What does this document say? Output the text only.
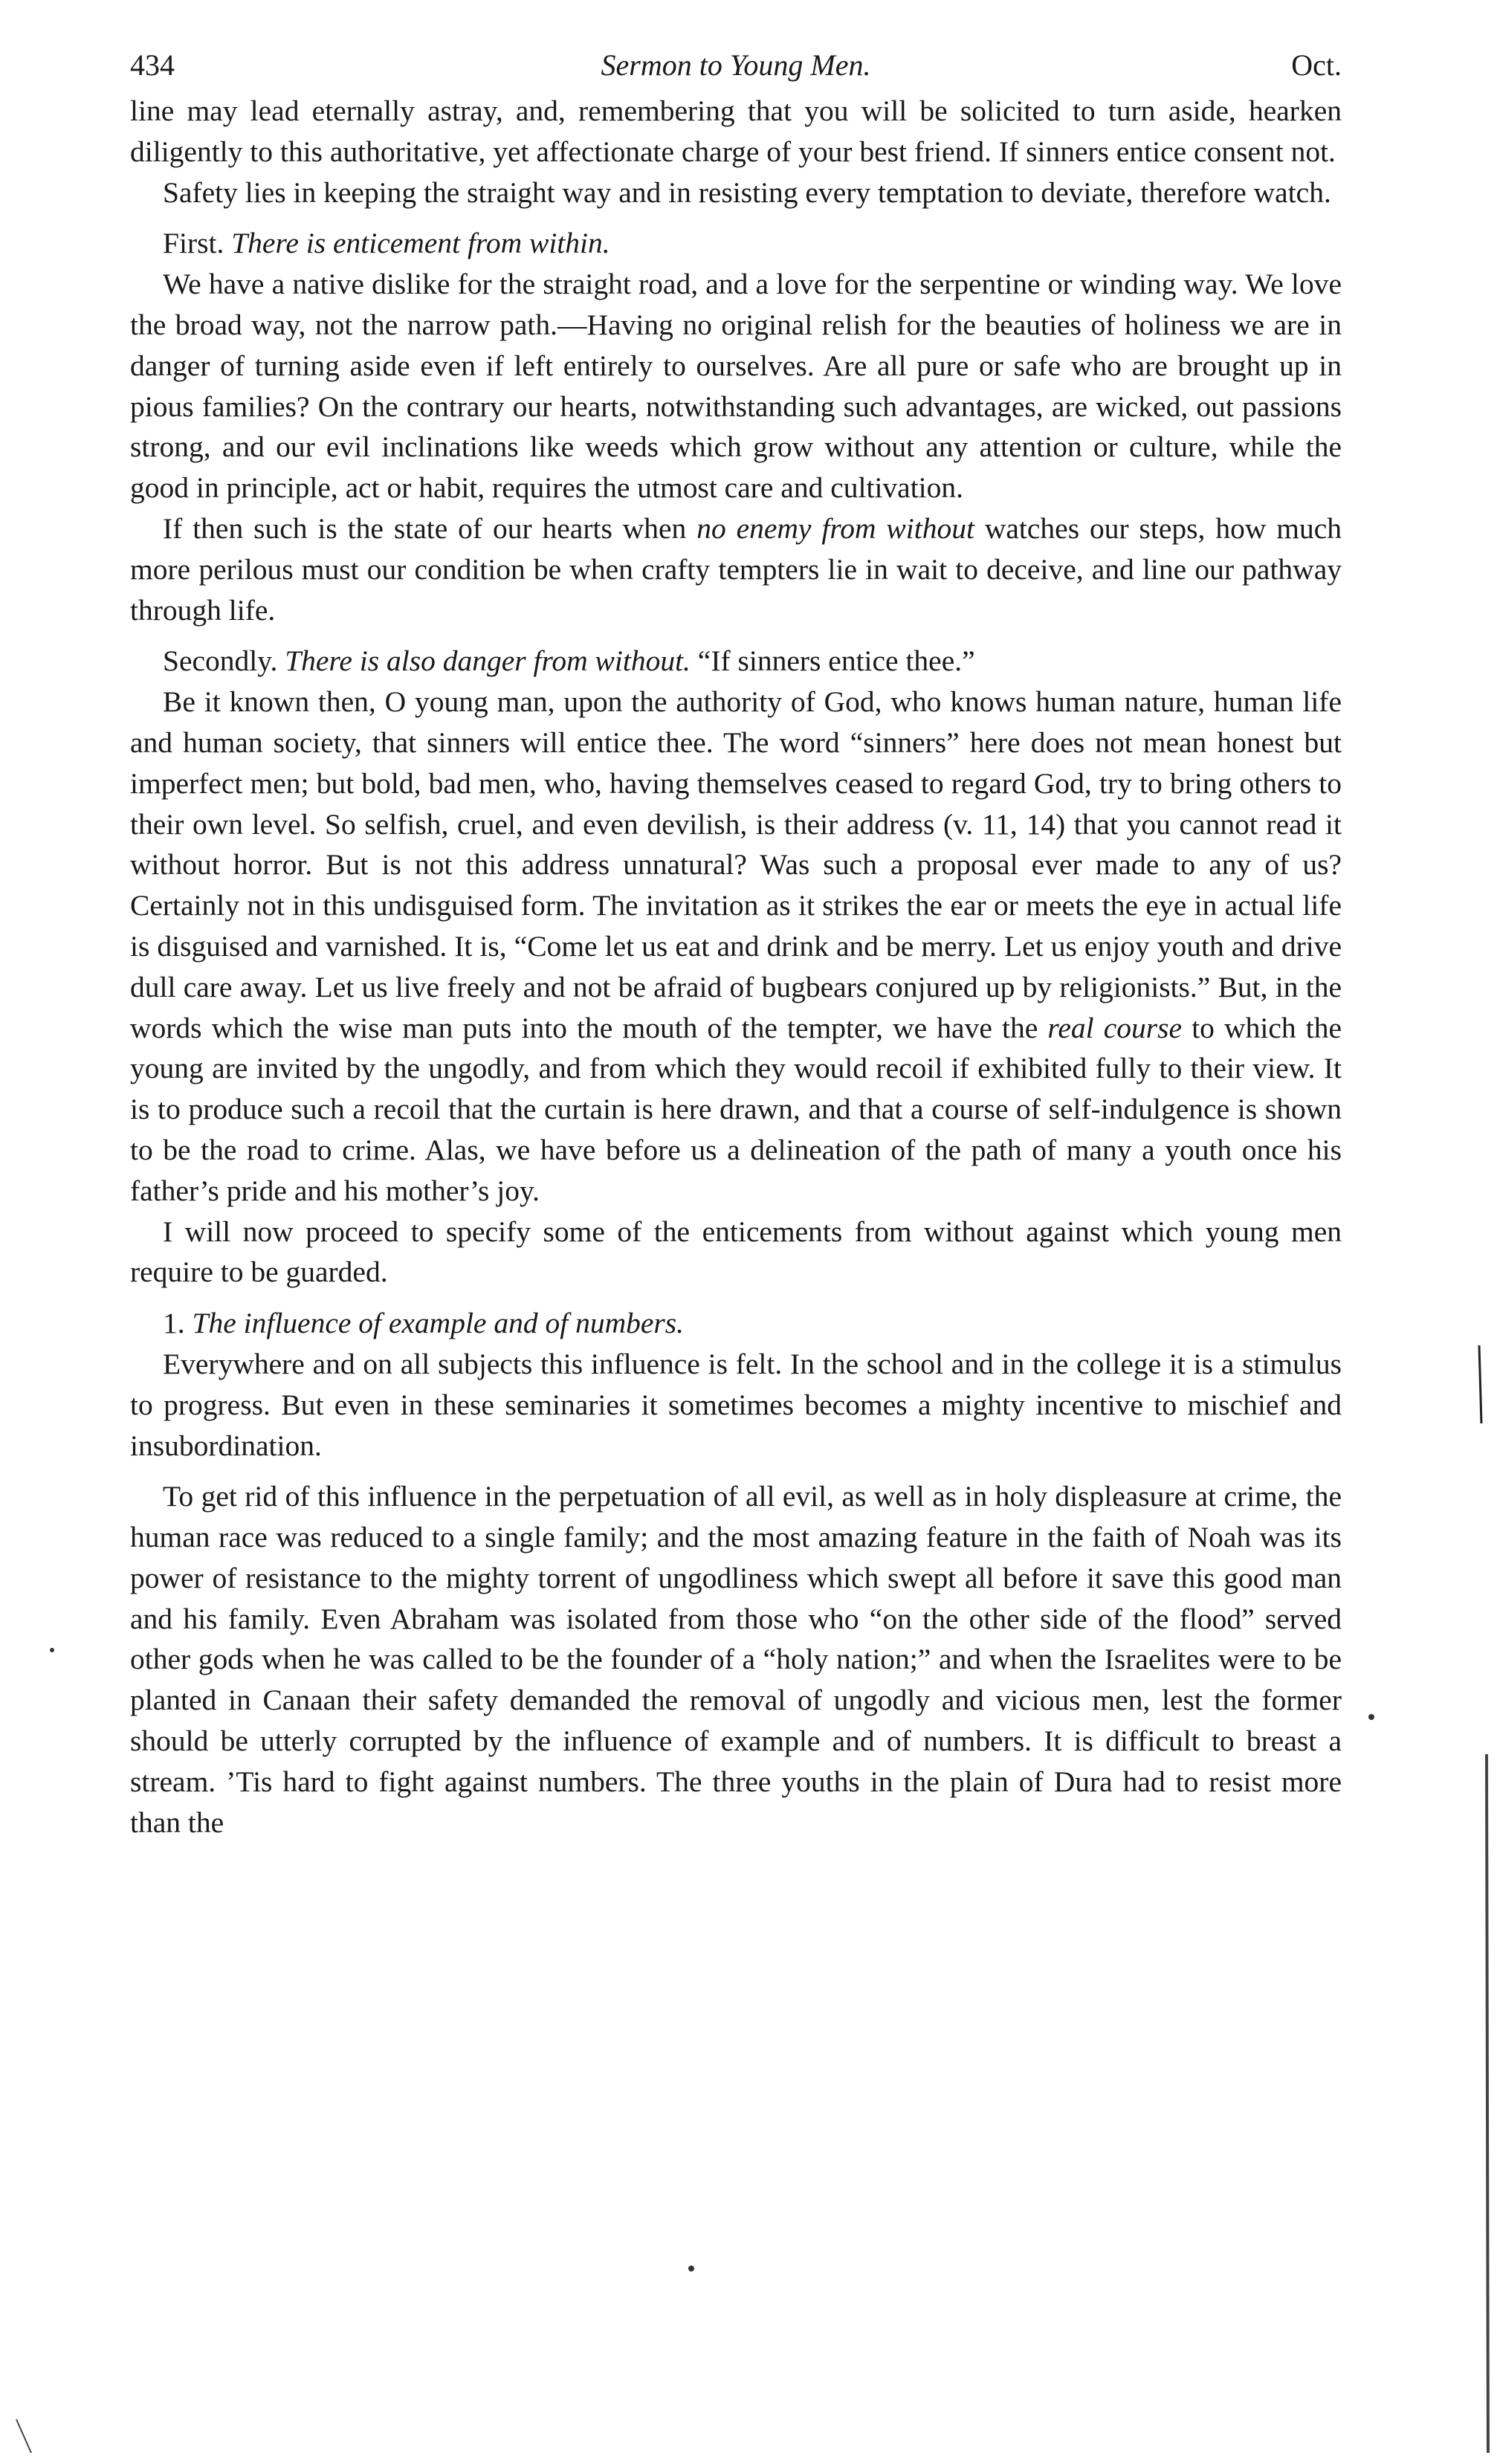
434	Sermon to Young Men.	Oct.

line may lead eternally astray, and, remembering that you will be solicited to turn aside, hearken diligently to this authoritative, yet affectionate charge of your best friend. If sinners entice consent not.

Safety lies in keeping the straight way and in resisting every temptation to deviate, therefore watch.

First. There is enticement from within.

We have a native dislike for the straight road, and a love for the serpentine or winding way. We love the broad way, not the narrow path.—Having no original relish for the beauties of holiness we are in danger of turning aside even if left entirely to ourselves. Are all pure or safe who are brought up in pious families? On the contrary our hearts, notwithstanding such advantages, are wicked, out passions strong, and our evil inclinations like weeds which grow without any attention or culture, while the good in principle, act or habit, requires the utmost care and cultivation.

If then such is the state of our hearts when no enemy from without watches our steps, how much more perilous must our condition be when crafty tempters lie in wait to deceive, and line our pathway through life.

Secondly. There is also danger from without. “If sinners entice thee.”

Be it known then, O young man, upon the authority of God, who knows human nature, human life and human society, that sinners will entice thee. The word “sinners” here does not mean honest but imperfect men; but bold, bad men, who, having themselves ceased to regard God, try to bring others to their own level. So selfish, cruel, and even devilish, is their address (v. 11, 14) that you cannot read it without horror. But is not this address unnatural? Was such a proposal ever made to any of us? Certainly not in this undisguised form. The invitation as it strikes the ear or meets the eye in actual life is disguised and varnished. It is, “Come let us eat and drink and be merry. Let us enjoy youth and drive dull care away. Let us live freely and not be afraid of bugbears conjured up by religionists.” But, in the words which the wise man puts into the mouth of the tempter, we have the real course to which the young are invited by the ungodly, and from which they would recoil if exhibited fully to their view. It is to produce such a recoil that the curtain is here drawn, and that a course of self-indulgence is shown to be the road to crime. Alas, we have before us a delineation of the path of many a youth once his father’s pride and his mother’s joy.

I will now proceed to specify some of the enticements from without against which young men require to be guarded.

1. The influence of example and of numbers.

Everywhere and on all subjects this influence is felt. In the school and in the college it is a stimulus to progress. But even in these seminaries it sometimes becomes a mighty incentive to mischief and insubordination.

To get rid of this influence in the perpetuation of all evil, as well as in holy displeasure at crime, the human race was reduced to a single family; and the most amazing feature in the faith of Noah was its power of resistance to the mighty torrent of ungodliness which swept all before it save this good man and his family. Even Abraham was isolated from those who “on the other side of the flood” served other gods when he was called to be the founder of a “holy nation;” and when the Israelites were to be planted in Canaan their safety demanded the removal of ungodly and vicious men, lest the former should be utterly corrupted by the influence of example and of numbers. It is difficult to breast a stream. ’Tis hard to fight against numbers. The three youths in the plain of Dura had to resist more than the
